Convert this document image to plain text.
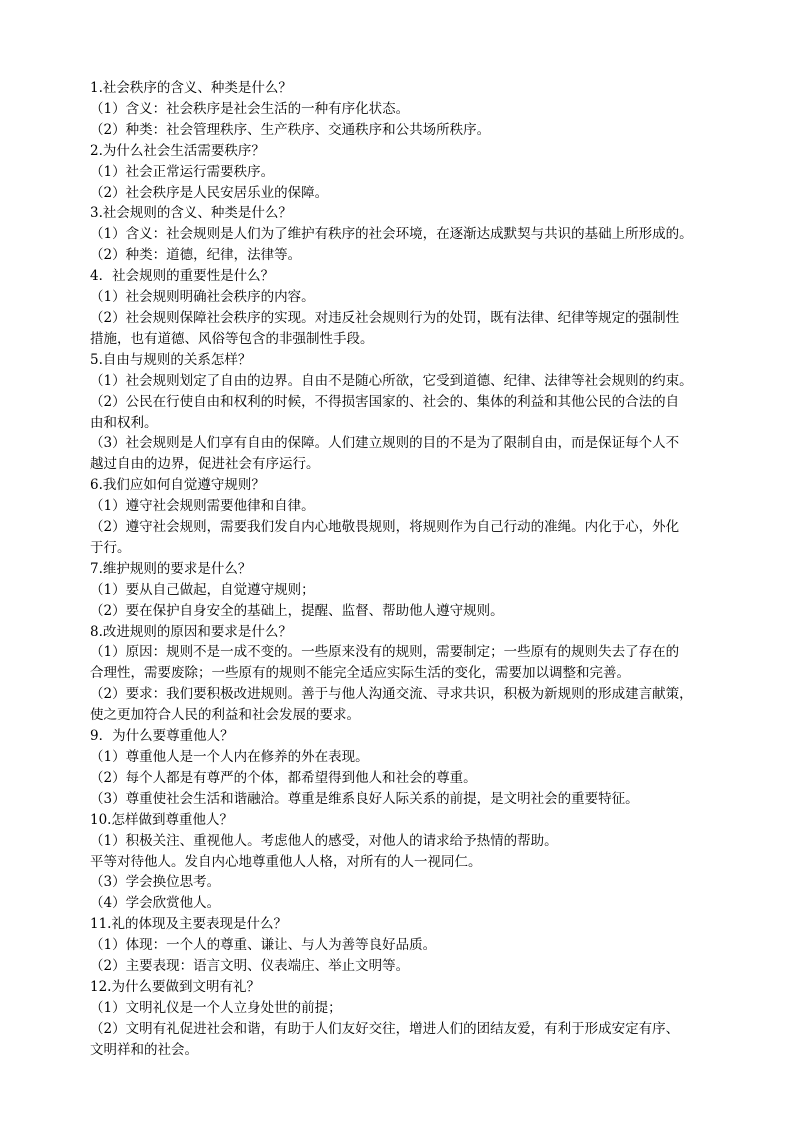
1.社会秩序的含义、种类是什么？
（1）含义：社会秩序是社会生活的一种有序化状态。
（2）种类：社会管理秩序、生产秩序、交通秩序和公共场所秩序。
2.为什么社会生活需要秩序？
（1）社会正常运行需要秩序。
（2）社会秩序是人民安居乐业的保障。
3.社会规则的含义、种类是什么？
（1）含义：社会规则是人们为了维护有秩序的社会环境，在逐渐达成默契与共识的基础上所形成的。
（2）种类：道德，纪律，法律等。
4．社会规则的重要性是什么？
（1）社会规则明确社会秩序的内容。
（2）社会规则保障社会秩序的实现。对违反社会规则行为的处罚，既有法律、纪律等规定的强制性
措施，也有道德、风俗等包含的非强制性手段。
5.自由与规则的关系怎样？
（1）社会规则划定了自由的边界。自由不是随心所欲，它受到道德、纪律、法律等社会规则的约束。
（2）公民在行使自由和权利的时候，不得损害国家的、社会的、集体的利益和其他公民的合法的自
由和权利。
（3）社会规则是人们享有自由的保障。人们建立规则的目的不是为了限制自由，而是保证每个人不
越过自由的边界，促进社会有序运行。
6.我们应如何自觉遵守规则？
（1）遵守社会规则需要他律和自律。
（2）遵守社会规则，需要我们发自内心地敬畏规则，将规则作为自己行动的准绳。内化于心，外化
于行。
7.维护规则的要求是什么？
（1）要从自己做起，自觉遵守规则；
（2）要在保护自身安全的基础上，提醒、监督、帮助他人遵守规则。
8.改进规则的原因和要求是什么？
（1）原因：规则不是一成不变的。一些原来没有的规则，需要制定；一些原有的规则失去了存在的
合理性，需要废除；一些原有的规则不能完全适应实际生活的变化，需要加以调整和完善。
（2）要求：我们要积极改进规则。善于与他人沟通交流、寻求共识，积极为新规则的形成建言献策，
使之更加符合人民的利益和社会发展的要求。
9．为什么要尊重他人？
（1）尊重他人是一个人内在修养的外在表现。
（2）每个人都是有尊严的个体，都希望得到他人和社会的尊重。
（3）尊重使社会生活和谐融洽。尊重是维系良好人际关系的前提，是文明社会的重要特征。
10.怎样做到尊重他人？
（1）积极关注、重视他人。考虑他人的感受，对他人的请求给予热情的帮助。
平等对待他人。发自内心地尊重他人人格，对所有的人一视同仁。
（3）学会换位思考。
（4）学会欣赏他人。
11.礼的体现及主要表现是什么？
（1）体现：一个人的尊重、谦让、与人为善等良好品质。
（2）主要表现：语言文明、仪表端庄、举止文明等。
12.为什么要做到文明有礼？
（1）文明礼仪是一个人立身处世的前提；
（2）文明有礼促进社会和谐，有助于人们友好交往，增进人们的团结友爱，有利于形成安定有序、
文明祥和的社会。
